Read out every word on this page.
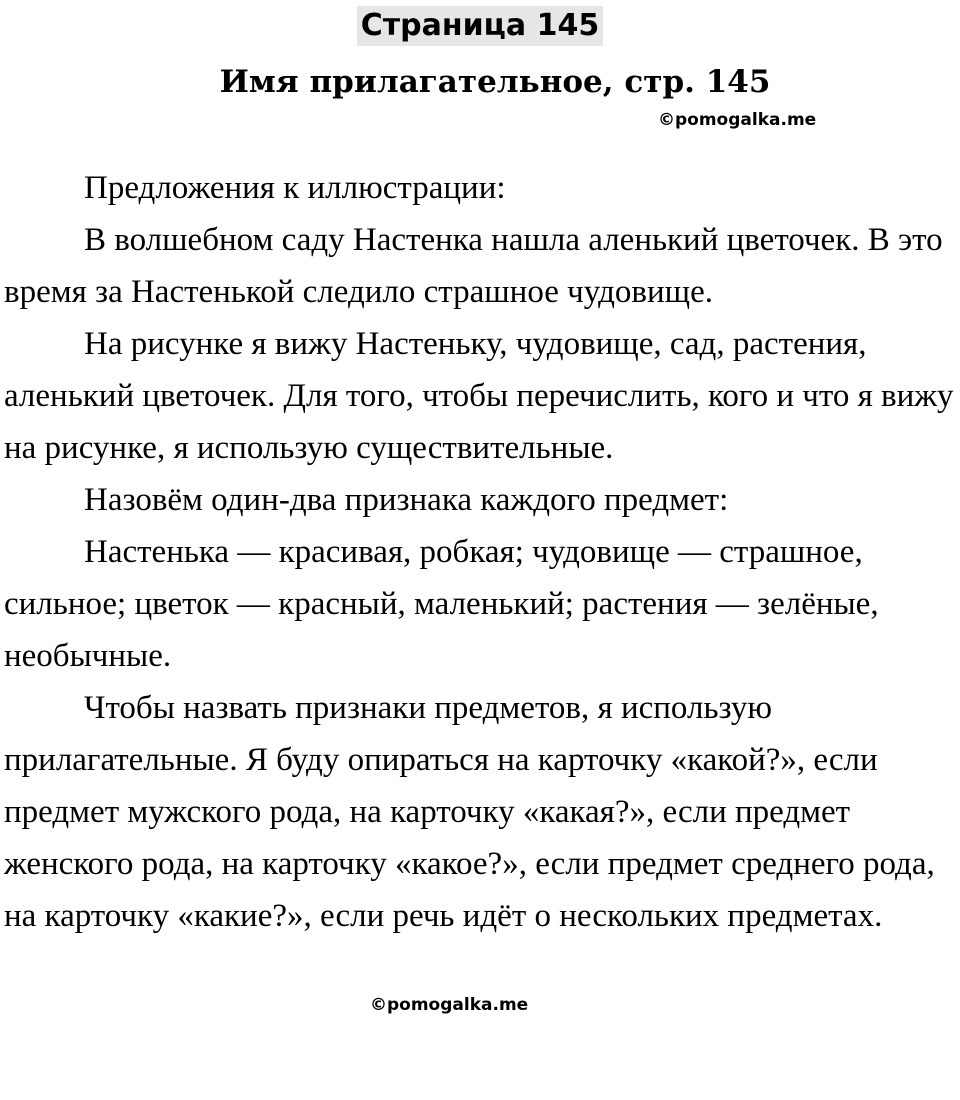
Страница 145
Имя прилагательное, стр. 145
©pomogalka.me

Предложения к иллюстрации:

В волшебном саду Настенка нашла аленький цветочек. В это время за Настенькой следило страшное чудовище.

На рисунке я вижу Настеньку, чудовище, сад, растения, аленький цветочек. Для того, чтобы перечислить, кого и что я вижу на рисунке, я использую существительные.

Назовём один-два признака каждого предмет:

Настенька — красивая, робкая; чудовище — страшное, сильное; цветок — красный, маленький; растения — зелёные, необычные.

Чтобы назвать признаки предметов, я использую прилагательные. Я буду опираться на карточку «какой?», если предмет мужского рода, на карточку «какая?», если предмет женского рода, на карточку «какое?», если предмет среднего рода, на карточку «какие?», если речь идёт о нескольких предметах.

©pomogalka.me
